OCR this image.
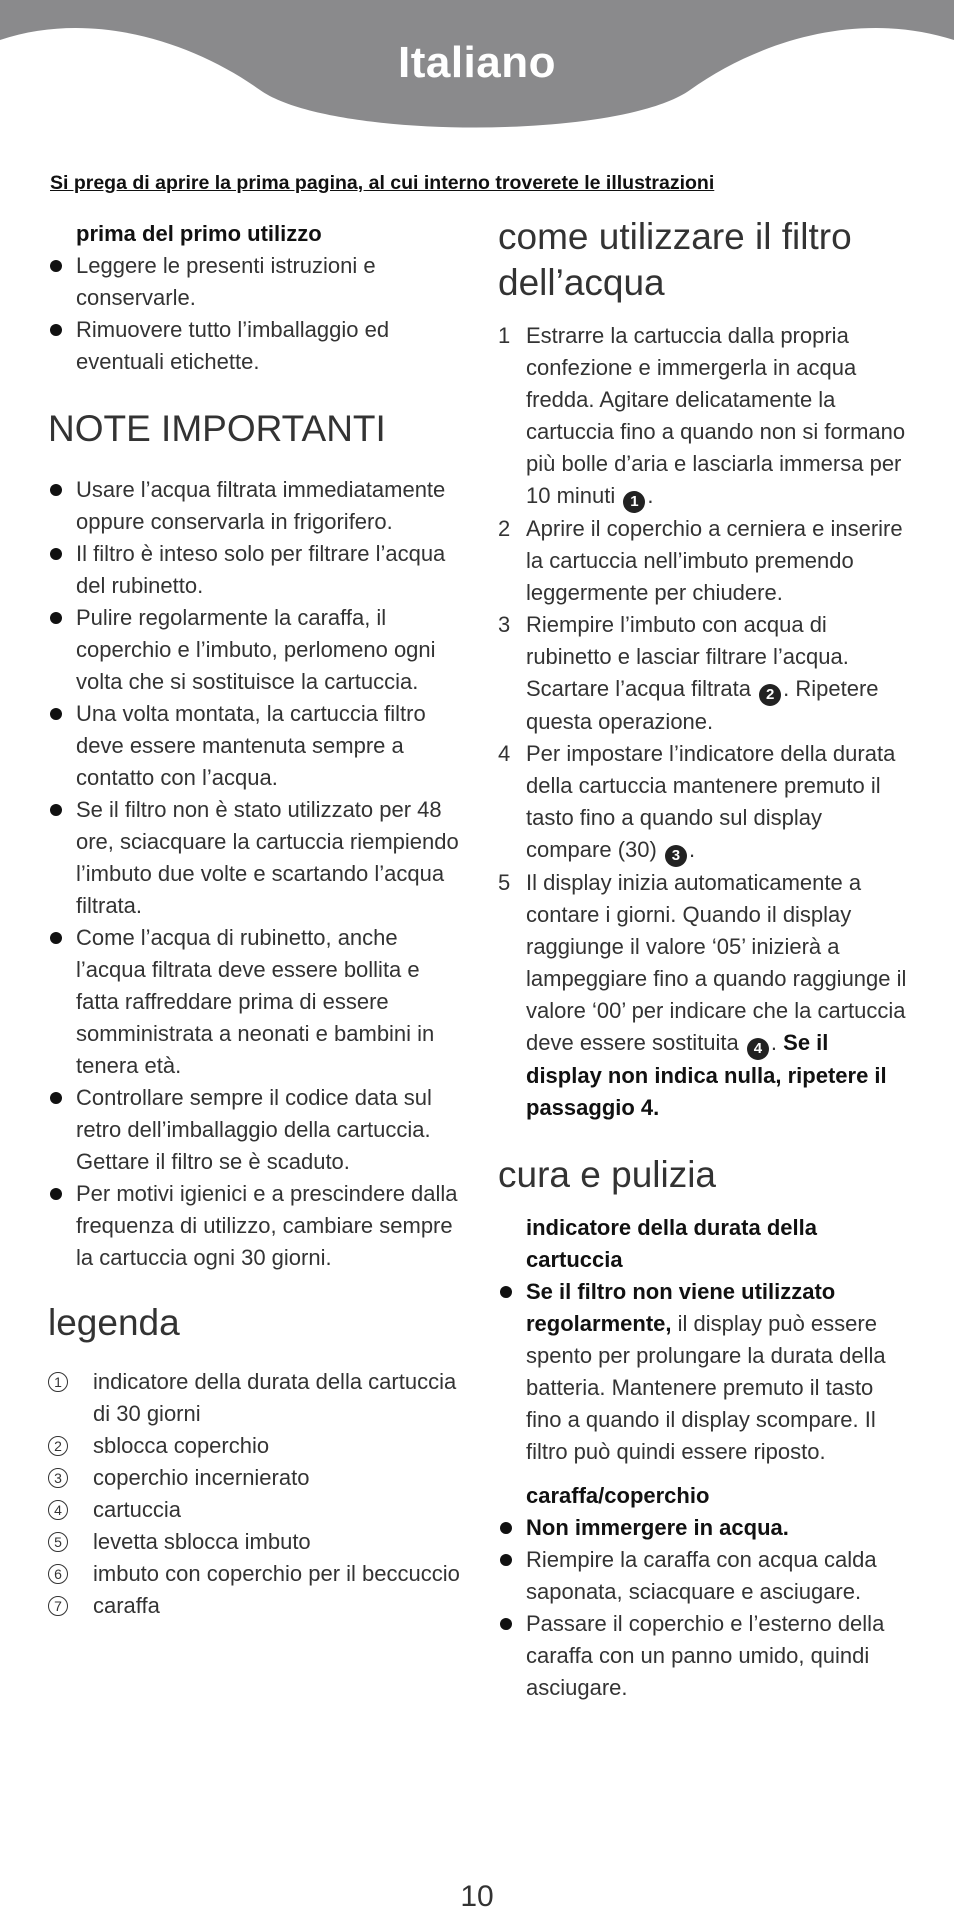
Italiano
Si prega di aprire la prima pagina, al cui interno troverete le illustrazioni
prima del primo utilizzo
Leggere le presenti istruzioni e conservarle.
Rimuovere tutto l’imballaggio ed eventuali etichette.
NOTE IMPORTANTI
Usare l’acqua filtrata immediatamente oppure conservarla in frigorifero.
Il filtro è inteso solo per filtrare l’acqua del rubinetto.
Pulire regolarmente la caraffa, il coperchio e l’imbuto, perlomeno ogni volta che si sostituisce la cartuccia.
Una volta montata, la cartuccia filtro deve essere mantenuta sempre a contatto con l’acqua.
Se il filtro non è stato utilizzato per 48 ore, sciacquare la cartuccia riempiendo l’imbuto due volte e scartando l’acqua filtrata.
Come l’acqua di rubinetto, anche l’acqua filtrata deve essere bollita e fatta raffreddare prima di essere somministrata a neonati e bambini in tenera età.
Controllare sempre il codice data sul retro dell’imballaggio della cartuccia. Gettare il filtro se è scaduto.
Per motivi igienici e a prescindere dalla frequenza di utilizzo, cambiare sempre la cartuccia ogni 30 giorni.
legenda
1 indicatore della durata della cartuccia di 30 giorni
2 sblocca coperchio
3 coperchio incernierato
4 cartuccia
5 levetta sblocca imbuto
6 imbuto con coperchio per il beccuccio
7 caraffa
come utilizzare il filtro dell’acqua
1 Estrarre la cartuccia dalla propria confezione e immergerla in acqua fredda. Agitare delicatamente la cartuccia fino a quando non si formano più bolle d’aria e lasciarla immersa per 10 minuti 1 .
2 Aprire il coperchio a cerniera e inserire la cartuccia nell’imbuto premendo leggermente per chiudere.
3 Riempire l’imbuto con acqua di rubinetto e lasciar filtrare l’acqua. Scartare l’acqua filtrata 2 . Ripetere questa operazione.
4 Per impostare l’indicatore della durata della cartuccia mantenere premuto il tasto fino a quando sul display compare (30) 3 .
5 Il display inizia automaticamente a contare i giorni. Quando il display raggiunge il valore ‘05’ inizierà a lampeggiare fino a quando raggiunge il valore ‘00’ per indicare che la cartuccia deve essere sostituita 4 . Se il display non indica nulla, ripetere il passaggio 4.
cura e pulizia
indicatore della durata della cartuccia
Se il filtro non viene utilizzato regolarmente, il display può essere spento per prolungare la durata della batteria. Mantenere premuto il tasto fino a quando il display scompare. Il filtro può quindi essere riposto.
caraffa/coperchio
Non immergere in acqua.
Riempire la caraffa con acqua calda saponata, sciacquare e asciugare.
Passare il coperchio e l’esterno della caraffa con un panno umido, quindi asciugare.
10
